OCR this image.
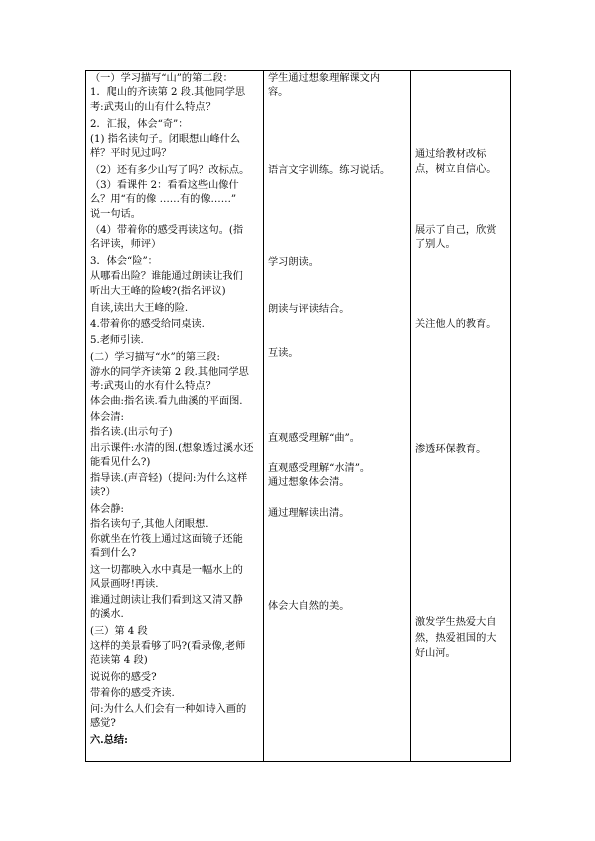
（一）学习描写“山”的第二段：
1．爬山的齐读第 2 段.其他同学思
考:武夷山的山有什么特点？
2．汇报，体会“奇”：
(1) 指名读句子。闭眼想山峰什么
样？平时见过吗？
（2）还有多少山写了吗？改标点。
（3）看课件 2：看看这些山像什
么？用“有的像 ……有的像……”
说一句话。
（4）带着你的感受再读这句。(指
名评读，师评）
3．体会“险”：
从哪看出险？谁能通过朗读让我们
听出大王峰的险峻?(指名评议)
自读,读出大王峰的险.
4.带着你的感受给同桌读.
5.老师引读.
(二）学习描写“水”的第三段:
游水的同学齐读第 2 段.其他同学思
考:武夷山的水有什么特点？
体会曲:指名读.看九曲溪的平面图.
体会清:
指名读.(出示句子)
出示课件:水清的图.(想象透过溪水还
能看见什么?)
指导读.(声音轻)（提问:为什么这样
读?）
体会静:
指名读句子,其他人闭眼想.
你就坐在竹筏上通过这面镜子还能
看到什么?
这一切都映入水中真是一幅水上的
风景画呀!再读.
谁通过朗读让我们看到这又清又静
的溪水.
(三）第 4 段
这样的美景看够了吗?(看录像,老师
范读第 4 段)
说说你的感受?
带着你的感受齐读.
问:为什么人们会有一种如诗入画的
感觉?
六.总结:

学生通过想象理解课文内
容。
语言文字训练。练习说话。
学习朗读。
朗读与评读结合。
互读。
直观感受理解“曲”。
直观感受理解“水清”。
通过想象体会清。
通过理解读出清。
体会大自然的美。

通过给教材改标
点，树立自信心。
展示了自己，欣赏
了别人。
关注他人的教育。
渗透环保教育。
激发学生热爱大自
然，热爱祖国的大
好山河。
